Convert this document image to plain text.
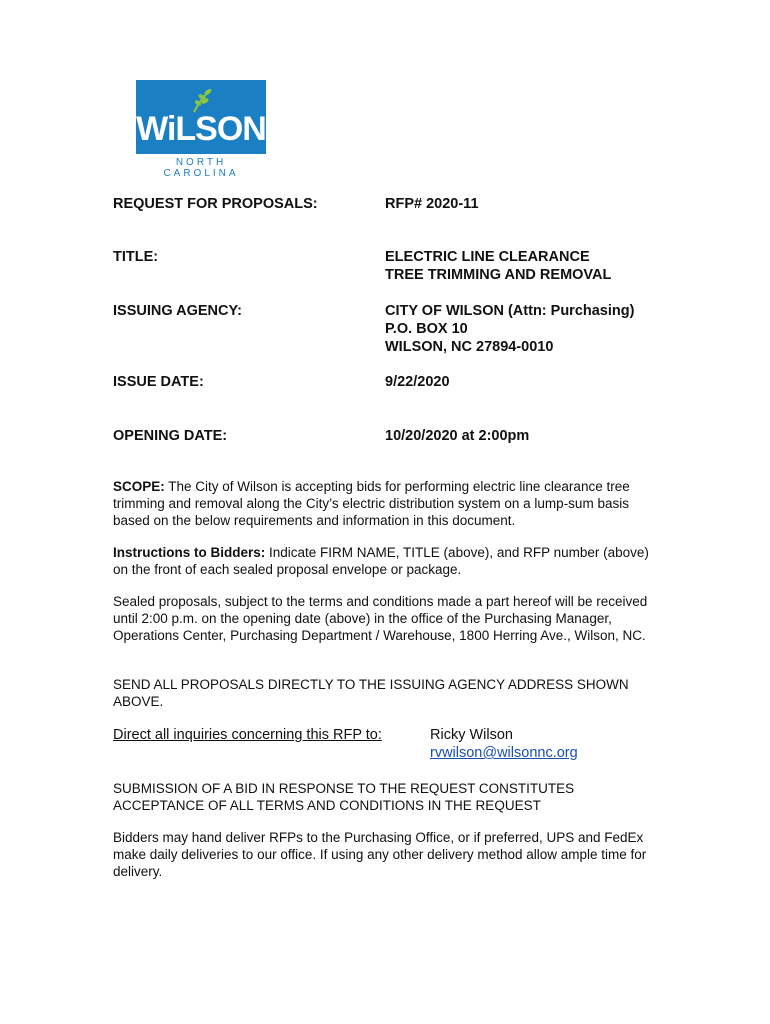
WiLSON
NORTH CAROLINA
REQUEST FOR PROPOSALS:	RFP# 2020-11
TITLE:	ELECTRIC LINE CLEARANCE
TREE TRIMMING AND REMOVAL
ISSUING AGENCY:	CITY OF WILSON (Attn: Purchasing)
P.O. BOX 10
WILSON, NC 27894-0010
ISSUE DATE:	9/22/2020
OPENING DATE:	10/20/2020 at 2:00pm
SCOPE: The City of Wilson is accepting bids for performing electric line clearance tree trimming and removal along the City’s electric distribution system on a lump-sum basis based on the below requirements and information in this document.
Instructions to Bidders: Indicate FIRM NAME, TITLE (above), and RFP number (above) on the front of each sealed proposal envelope or package.
Sealed proposals, subject to the terms and conditions made a part hereof will be received until 2:00 p.m. on the opening date (above) in the office of the Purchasing Manager, Operations Center, Purchasing Department / Warehouse, 1800 Herring Ave., Wilson, NC.
SEND ALL PROPOSALS DIRECTLY TO THE ISSUING AGENCY ADDRESS SHOWN ABOVE.
Direct all inquiries concerning this RFP to:	Ricky Wilson
rvwilson@wilsonnc.org
SUBMISSION OF A BID IN RESPONSE TO THE REQUEST CONSTITUTES ACCEPTANCE OF ALL TERMS AND CONDITIONS IN THE REQUEST
Bidders may hand deliver RFPs to the Purchasing Office, or if preferred, UPS and FedEx make daily deliveries to our office. If using any other delivery method allow ample time for delivery.
